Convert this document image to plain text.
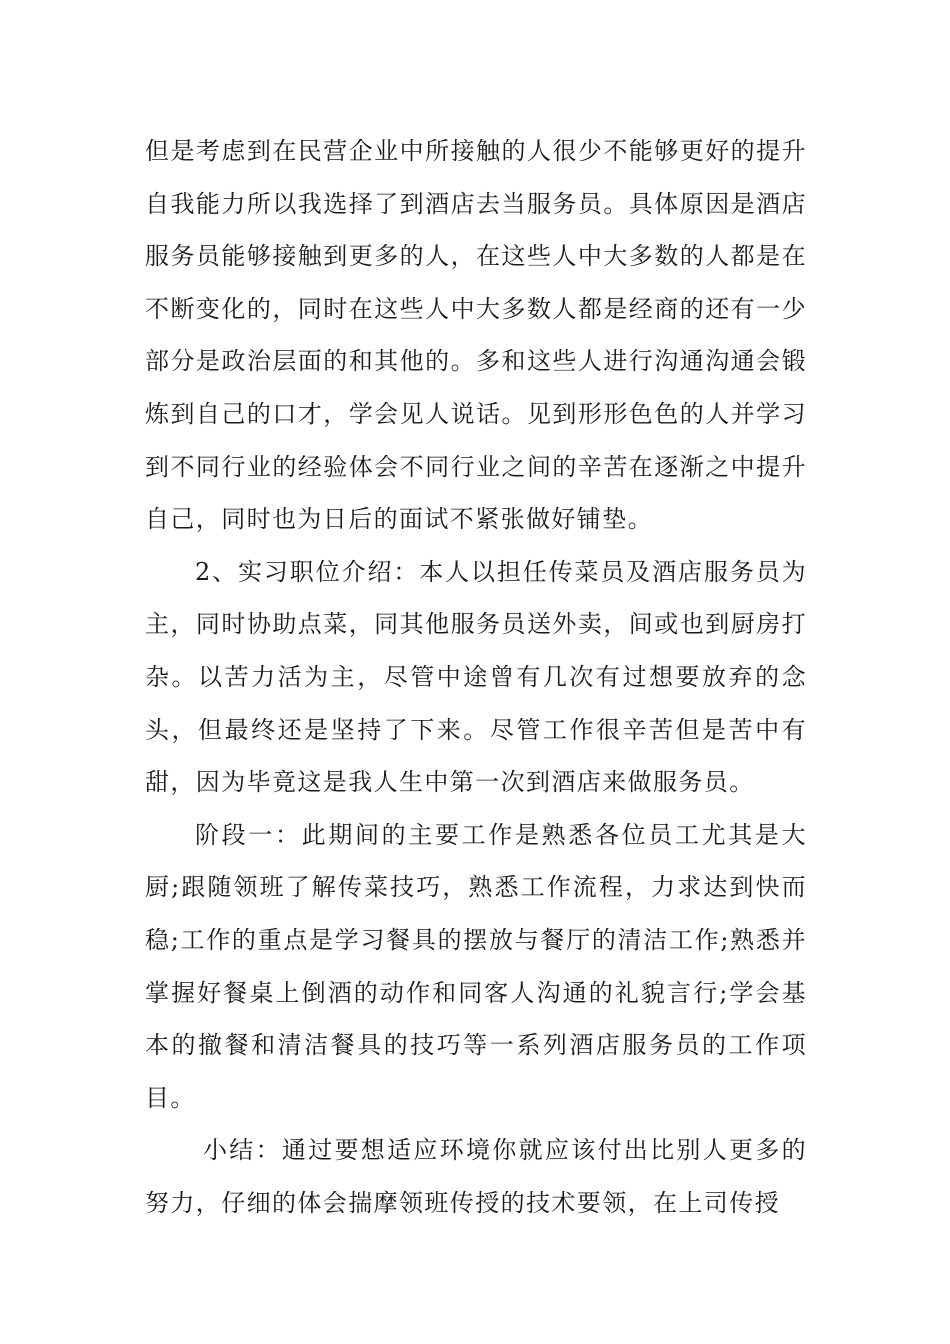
但是考虑到在民营企业中所接触的人很少不能够更好的提升自我能力所以我选择了到酒店去当服务员。具体原因是酒店服务员能够接触到更多的人，在这些人中大多数的人都是在不断变化的，同时在这些人中大多数人都是经商的还有一少部分是政治层面的和其他的。多和这些人进行沟通沟通会锻炼到自己的口才，学会见人说话。见到形形色色的人并学习到不同行业的经验体会不同行业之间的辛苦在逐渐之中提升自己，同时也为日后的面试不紧张做好铺垫。

2、实习职位介绍：本人以担任传菜员及酒店服务员为主，同时协助点菜，同其他服务员送外卖，间或也到厨房打杂。以苦力活为主，尽管中途曾有几次有过想要放弃的念头，但最终还是坚持了下来。尽管工作很辛苦但是苦中有甜，因为毕竟这是我人生中第一次到酒店来做服务员。

阶段一：此期间的主要工作是熟悉各位员工尤其是大厨;跟随领班了解传菜技巧，熟悉工作流程，力求达到快而稳;工作的重点是学习餐具的摆放与餐厅的清洁工作;熟悉并掌握好餐桌上倒酒的动作和同客人沟通的礼貌言行;学会基本的撤餐和清洁餐具的技巧等一系列酒店服务员的工作项目。

小结：通过要想适应环境你就应该付出比别人更多的努力，仔细的体会揣摩领班传授的技术要领，在上司传授
